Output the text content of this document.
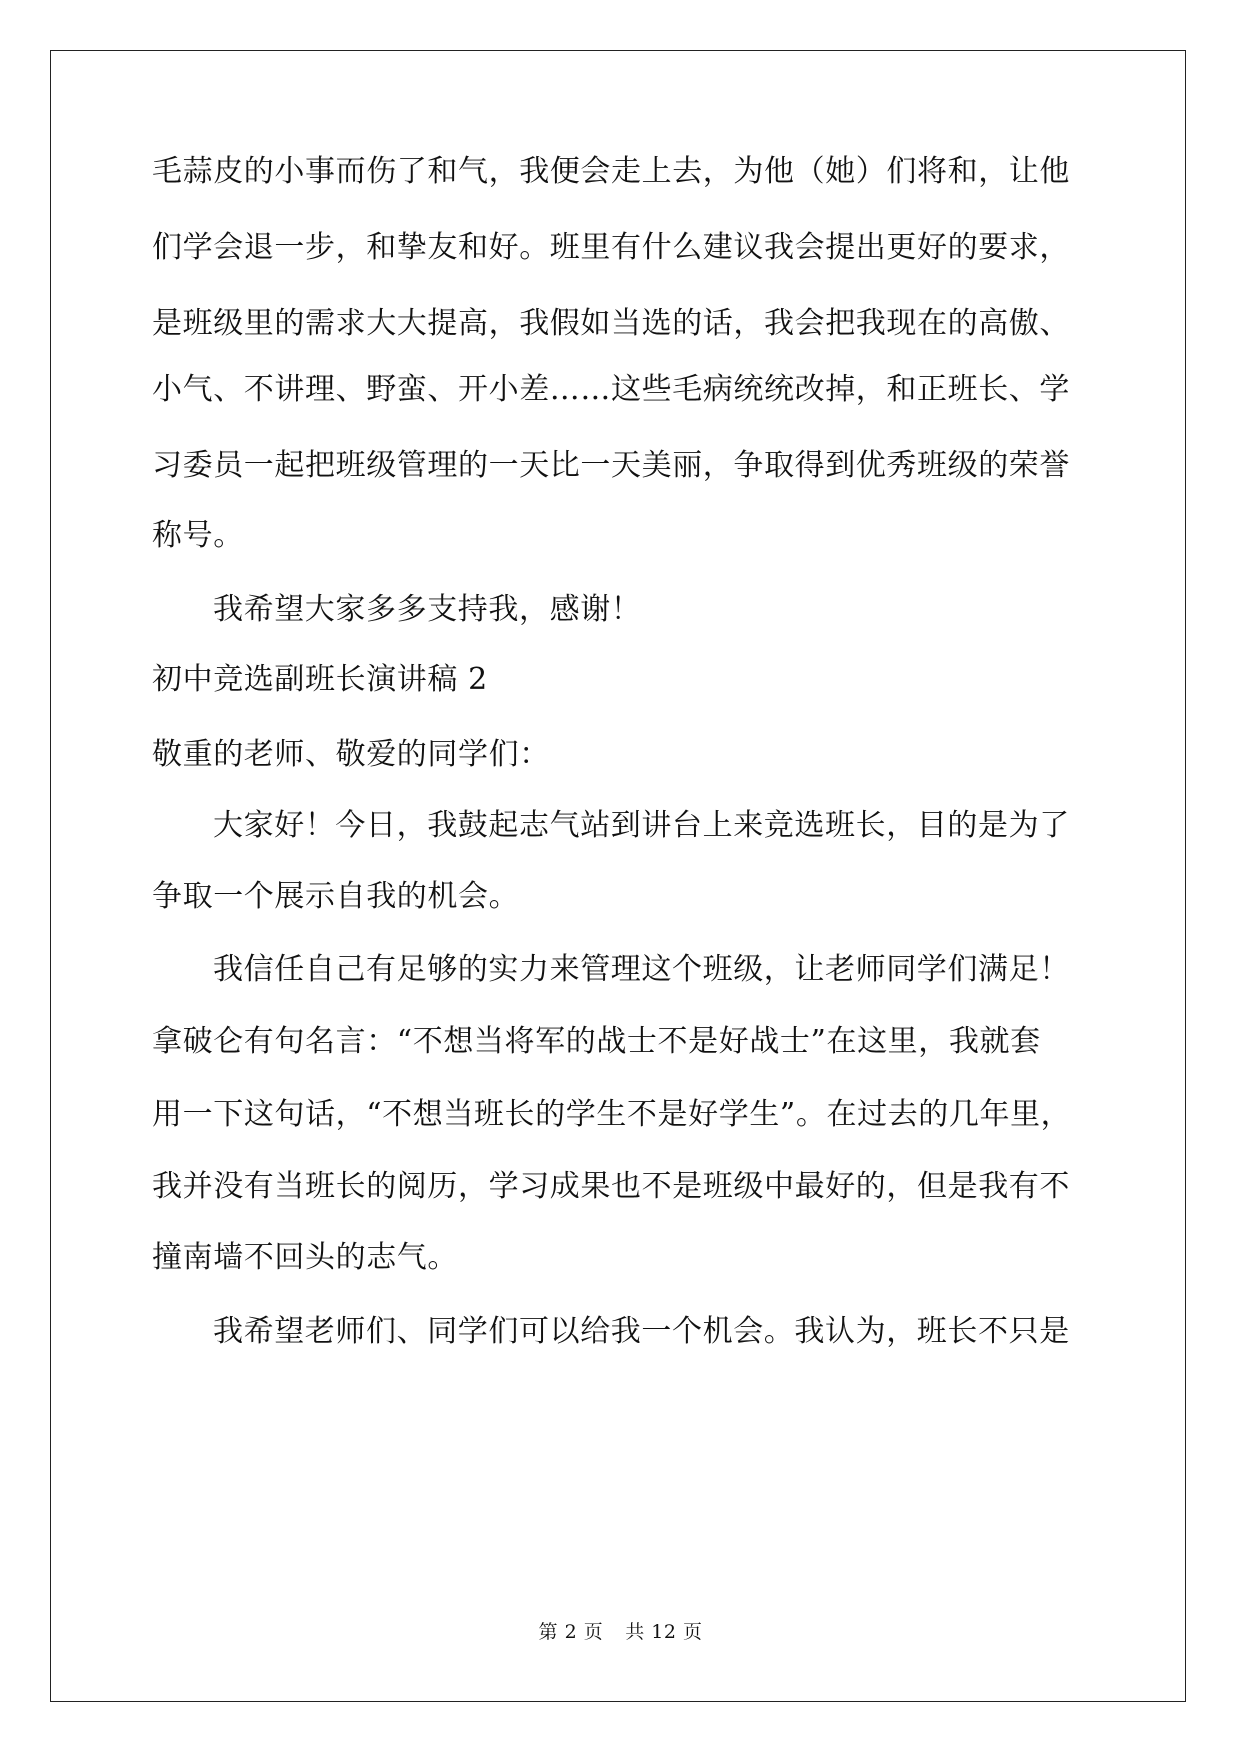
毛蒜皮的小事而伤了和气，我便会走上去，为他（她）们将和，让他
们学会退一步，和挚友和好。班里有什么建议我会提出更好的要求，
是班级里的需求大大提高，我假如当选的话，我会把我现在的高傲、
小气、不讲理、野蛮、开小差……这些毛病统统改掉，和正班长、学
习委员一起把班级管理的一天比一天美丽，争取得到优秀班级的荣誉
称号。
我希望大家多多支持我，感谢！
初中竞选副班长演讲稿 2
敬重的老师、敬爱的同学们：
大家好！今日，我鼓起志气站到讲台上来竞选班长，目的是为了
争取一个展示自我的机会。
我信任自己有足够的实力来管理这个班级，让老师同学们满足！
拿破仑有句名言：“不想当将军的战士不是好战士”在这里，我就套
用一下这句话，“不想当班长的学生不是好学生”。在过去的几年里，
我并没有当班长的阅历，学习成果也不是班级中最好的，但是我有不
撞南墙不回头的志气。
我希望老师们、同学们可以给我一个机会。我认为，班长不只是
第 2 页 共 12 页
